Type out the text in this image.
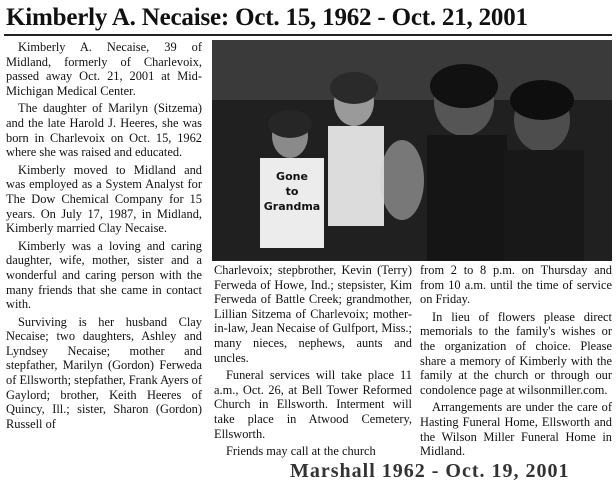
Kimberly A. Necaise: Oct. 15, 1962 - Oct. 21, 2001

Kimberly A. Necaise, 39 of Midland, formerly of Charlevoix, passed away Oct. 21, 2001 at Mid-Michigan Medical Center.

The daughter of Marilyn (Sitzema) and the late Harold J. Heeres, she was born in Charlevoix on Oct. 15, 1962 where she was raised and educated.

Kimberly moved to Midland and was employed as a System Analyst for The Dow Chemical Company for 15 years. On July 17, 1987, in Midland, Kimberly married Clay Necaise.

Kimberly was a loving and caring daughter, wife, mother, sister and a wonderful and caring person with the many friends that she came in contact with.

Surviving is her husband Clay Necaise; two daughters, Ashley and Lyndsey Necaise; mother and stepfather, Marilyn (Gordon) Ferweda of Ellsworth; stepfather, Frank Ayers of Gaylord; brother, Keith Heeres of Quincy, Ill.; sister, Sharon (Gordon) Russell of

Gone
to
Grandma

Charlevoix; stepbrother, Kevin (Terry) Ferweda of Howe, Ind.; stepsister, Kim Ferweda of Battle Creek; grandmother, Lillian Sitzema of Charlevoix; mother-in-law, Jean Necaise of Gulfport, Miss.; many nieces, nephews, aunts and uncles.

Funeral services will take place 11 a.m., Oct. 26, at Bell Tower Reformed Church in Ellsworth. Interment will take place in Atwood Cemetery, Ellsworth.

Friends may call at the church

from 2 to 8 p.m. on Thursday and from 10 a.m. until the time of service on Friday.

In lieu of flowers please direct memorials to the family's wishes or the organization of choice. Please share a memory of Kimberly with the family at the church or through our condolence page at wilsonmiller.com.

Arrangements are under the care of Hasting Funeral Home, Ellsworth and the Wilson Miller Funeral Home in Midland.

Marshall 1962 - Oct. 19, 2001
